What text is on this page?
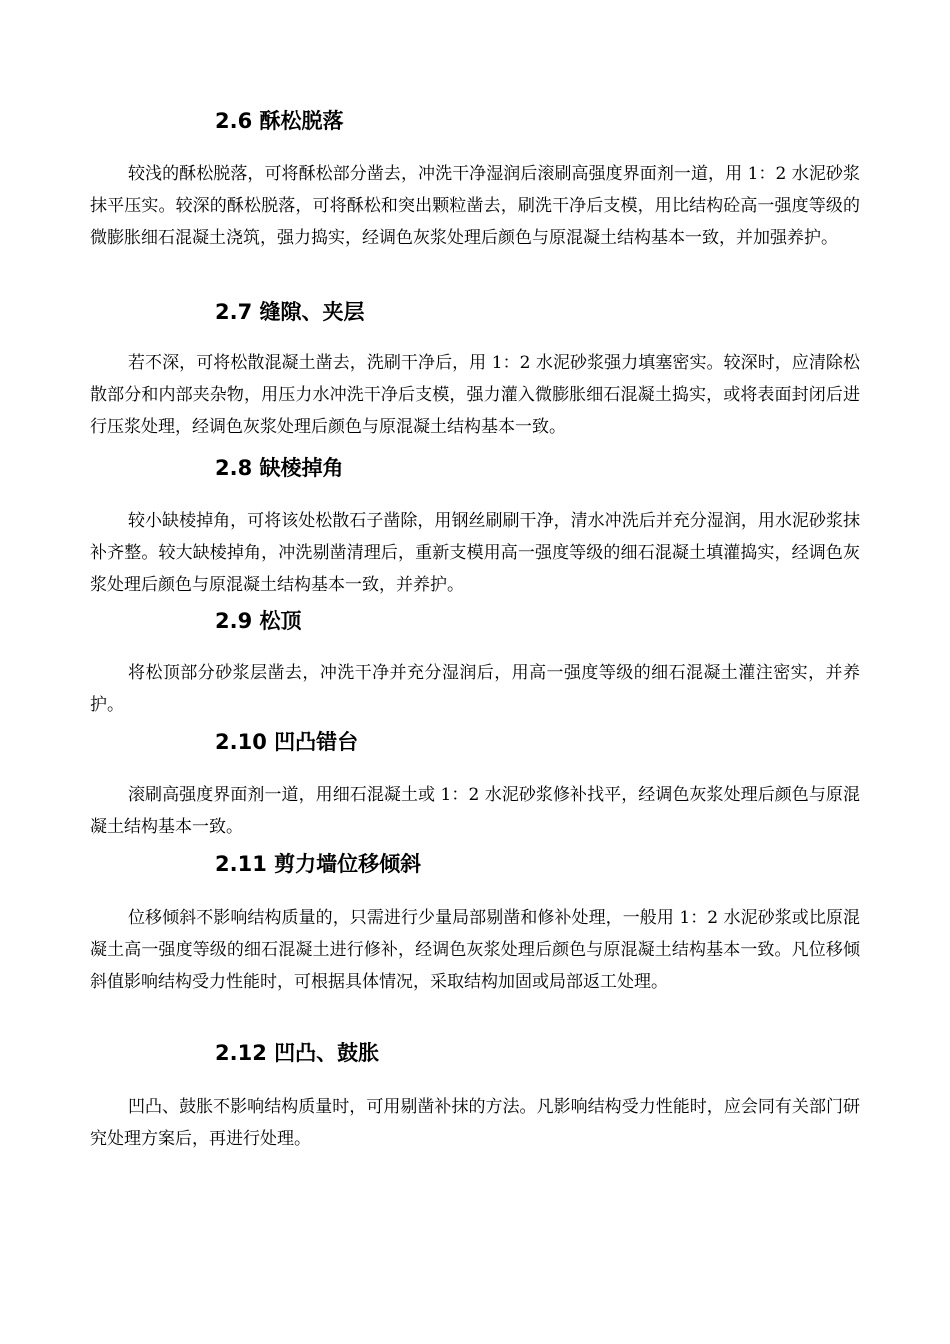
2.6 酥松脱落

较浅的酥松脱落，可将酥松部分凿去，冲洗干净湿润后滚刷高强度界面剂一道，用 1：2 水泥砂浆抹平压实。较深的酥松脱落，可将酥松和突出颗粒凿去，刷洗干净后支模，用比结构砼高一强度等级的微膨胀细石混凝土浇筑，强力捣实，经调色灰浆处理后颜色与原混凝土结构基本一致，并加强养护。

2.7 缝隙、夹层

若不深，可将松散混凝土凿去，洗刷干净后，用 1：2 水泥砂浆强力填塞密实。较深时，应清除松散部分和内部夹杂物，用压力水冲洗干净后支模，强力灌入微膨胀细石混凝土捣实，或将表面封闭后进行压浆处理，经调色灰浆处理后颜色与原混凝土结构基本一致。

2.8 缺棱掉角

较小缺棱掉角，可将该处松散石子凿除，用钢丝刷刷干净，清水冲洗后并充分湿润，用水泥砂浆抹补齐整。较大缺棱掉角，冲洗剔凿清理后，重新支模用高一强度等级的细石混凝土填灌捣实，经调色灰浆处理后颜色与原混凝土结构基本一致，并养护。

2.9 松顶

将松顶部分砂浆层凿去，冲洗干净并充分湿润后，用高一强度等级的细石混凝土灌注密实，并养护。

2.10 凹凸错台

滚刷高强度界面剂一道，用细石混凝土或 1：2 水泥砂浆修补找平，经调色灰浆处理后颜色与原混凝土结构基本一致。

2.11 剪力墙位移倾斜

位移倾斜不影响结构质量的，只需进行少量局部剔凿和修补处理，一般用 1：2 水泥砂浆或比原混凝土高一强度等级的细石混凝土进行修补，经调色灰浆处理后颜色与原混凝土结构基本一致。凡位移倾斜值影响结构受力性能时，可根据具体情况，采取结构加固或局部返工处理。

2.12 凹凸、鼓胀

凹凸、鼓胀不影响结构质量时，可用剔凿补抹的方法。凡影响结构受力性能时，应会同有关部门研究处理方案后，再进行处理。
